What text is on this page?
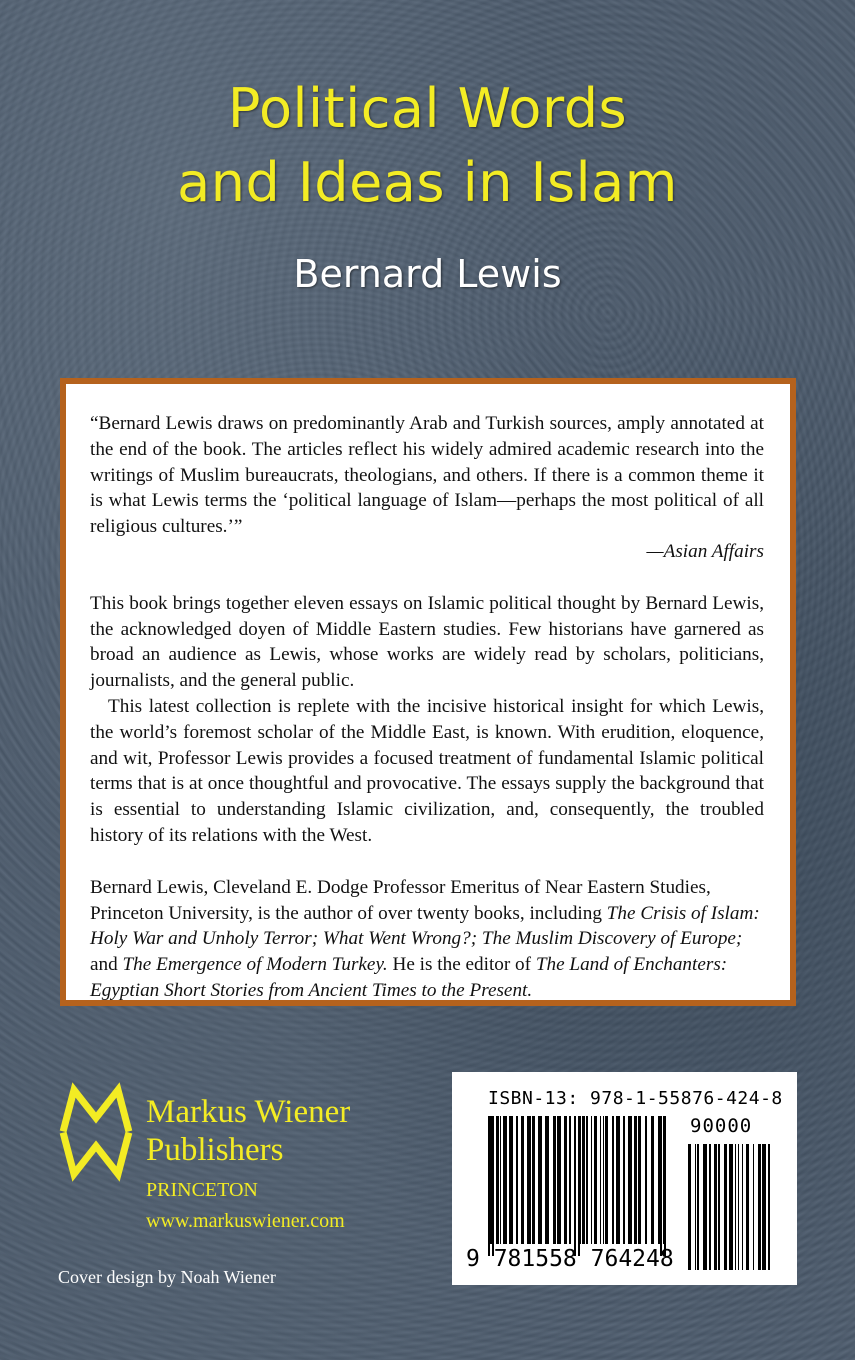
Political Words
and Ideas in Islam
Bernard Lewis
“Bernard Lewis draws on predominantly Arab and Turkish sources, amply annotated at the end of the book. The articles reflect his widely admired academic research into the writings of Muslim bureaucrats, theologians, and others. If there is a common theme it is what Lewis terms the ‘political language of Islam—perhaps the most political of all religious cultures.’”
—Asian Affairs
This book brings together eleven essays on Islamic political thought by Bernard Lewis, the acknowledged doyen of Middle Eastern studies. Few historians have garnered as broad an audience as Lewis, whose works are widely read by scholars, politicians, journalists, and the general public.
This latest collection is replete with the incisive historical insight for which Lewis, the world’s foremost scholar of the Middle East, is known. With erudition, eloquence, and wit, Professor Lewis provides a focused treatment of fundamental Islamic political terms that is at once thoughtful and provocative. The essays supply the background that is essential to understanding Islamic civilization, and, consequently, the troubled history of its relations with the West.
Bernard Lewis, Cleveland E. Dodge Professor Emeritus of Near Eastern Studies, Princeton University, is the author of over twenty books, including The Crisis of Islam: Holy War and Unholy Terror; What Went Wrong?; The Muslim Discovery of Europe; and The Emergence of Modern Turkey. He is the editor of The Land of Enchanters: Egyptian Short Stories from Ancient Times to the Present.
Markus Wiener
Publishers
PRINCETON
www.markuswiener.com
Cover design by Noah Wiener
ISBN-13: 978-1-55876-424-8
90000
9 781558 764248
